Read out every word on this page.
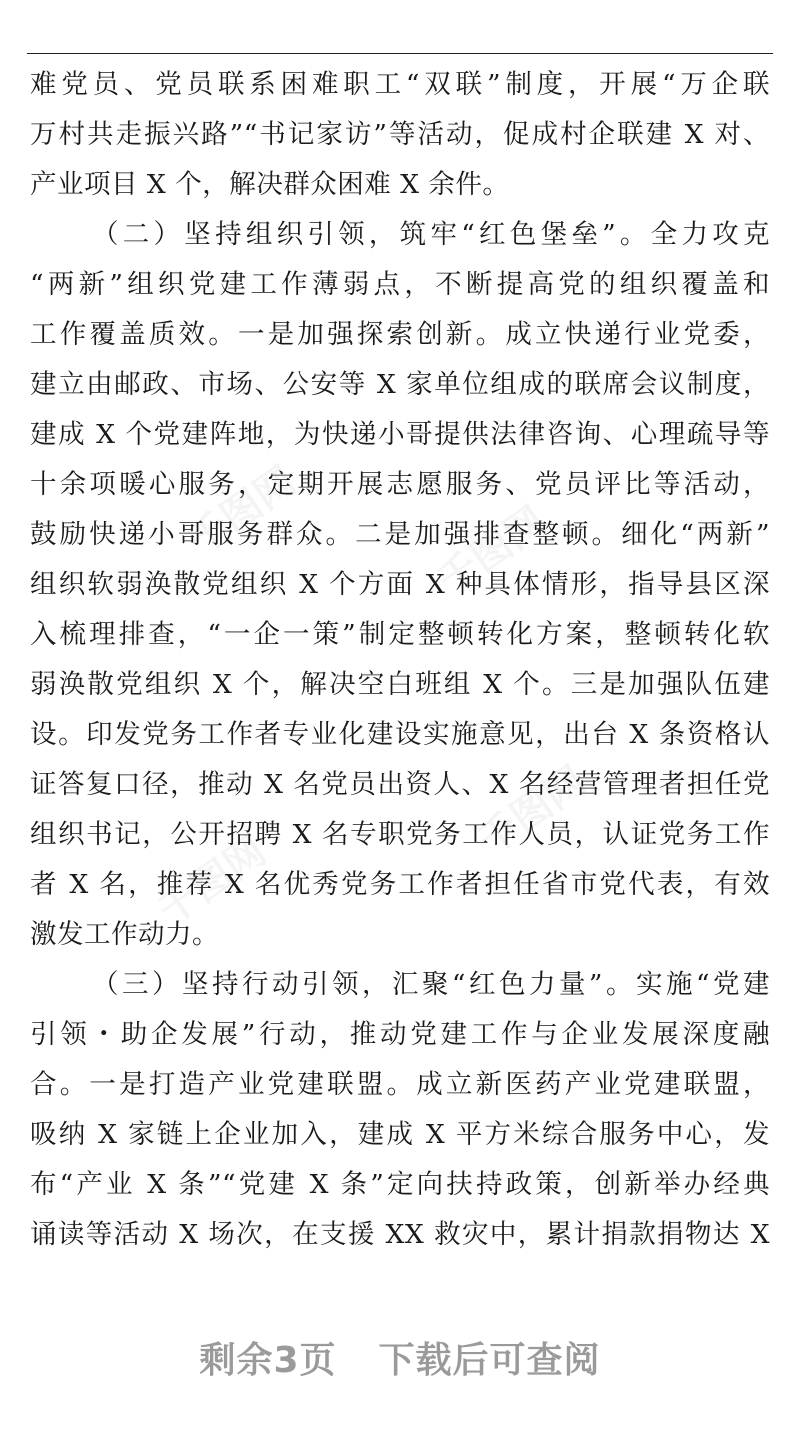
千图网	千图网
千图网
千图网
难党员、党员联系困难职工“双联”制度，开展“万企联
万村共走振兴路”“书记家访”等活动，促成村企联建 X 对、
产业项目 X 个，解决群众困难 X 余件。
（二）坚持组织引领，筑牢“红色堡垒”。全力攻克
“两新”组织党建工作薄弱点，不断提高党的组织覆盖和
工作覆盖质效。一是加强探索创新。成立快递行业党委，
建立由邮政、市场、公安等 X 家单位组成的联席会议制度，
建成 X 个党建阵地，为快递小哥提供法律咨询、心理疏导等
十余项暖心服务，定期开展志愿服务、党员评比等活动，
鼓励快递小哥服务群众。二是加强排查整顿。细化“两新”
组织软弱涣散党组织 X 个方面 X 种具体情形，指导县区深
入梳理排查，“一企一策”制定整顿转化方案，整顿转化软
弱涣散党组织 X 个，解决空白班组 X 个。三是加强队伍建
设。印发党务工作者专业化建设实施意见，出台 X 条资格认
证答复口径，推动 X 名党员出资人、X 名经营管理者担任党
组织书记，公开招聘 X 名专职党务工作人员，认证党务工作
者 X 名，推荐 X 名优秀党务工作者担任省市党代表，有效
激发工作动力。
（三）坚持行动引领，汇聚“红色力量”。实施“党建
引领・助企发展”行动，推动党建工作与企业发展深度融
合。一是打造产业党建联盟。成立新医药产业党建联盟，
吸纳 X 家链上企业加入，建成 X 平方米综合服务中心，发
布“产业 X 条”“党建 X 条”定向扶持政策，创新举办经典
诵读等活动 X 场次，在支援 XX 救灾中，累计捐款捐物达 X
剩余3页 下载后可查阅
